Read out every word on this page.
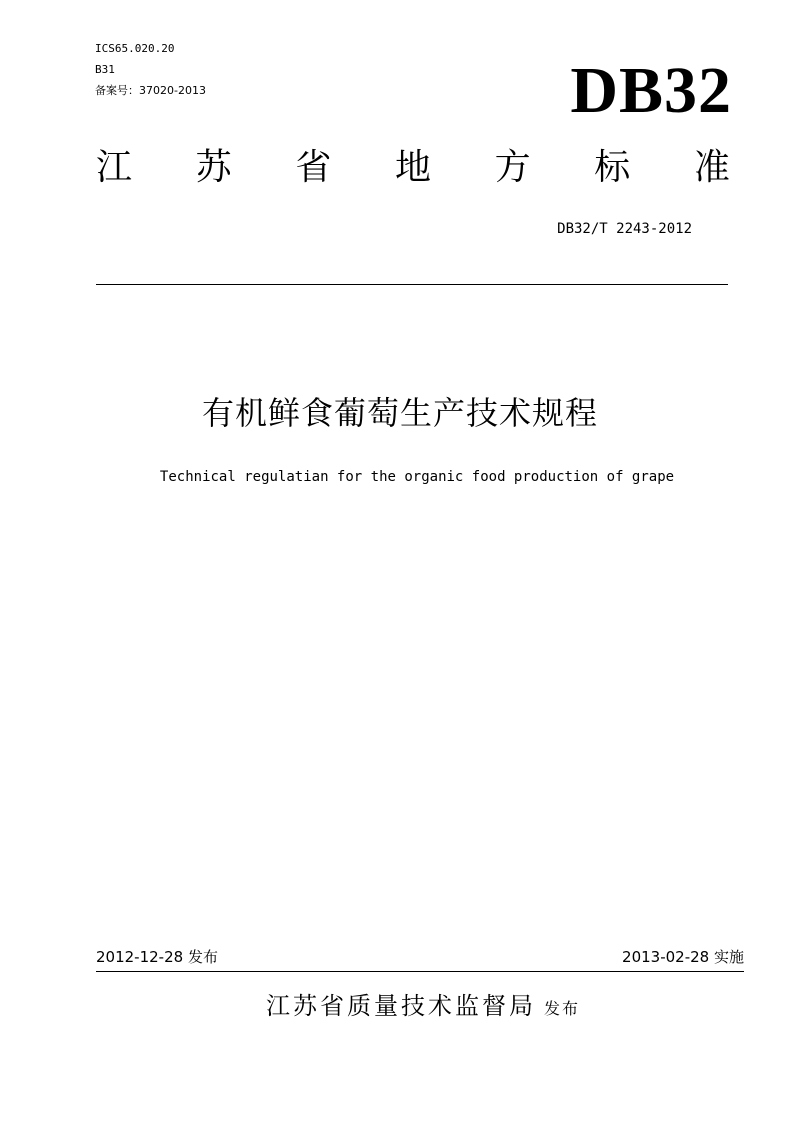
ICS65.020.20
B31
备案号：37020-2013	DB32
江 苏 省 地 方 标 准
DB32/T 2243-2012
有机鲜食葡萄生产技术规程
Technical regulatian for the organic food production of grape
2012-12-28 发布	2013-02-28 实施
江苏省质量技术监督局 发布
